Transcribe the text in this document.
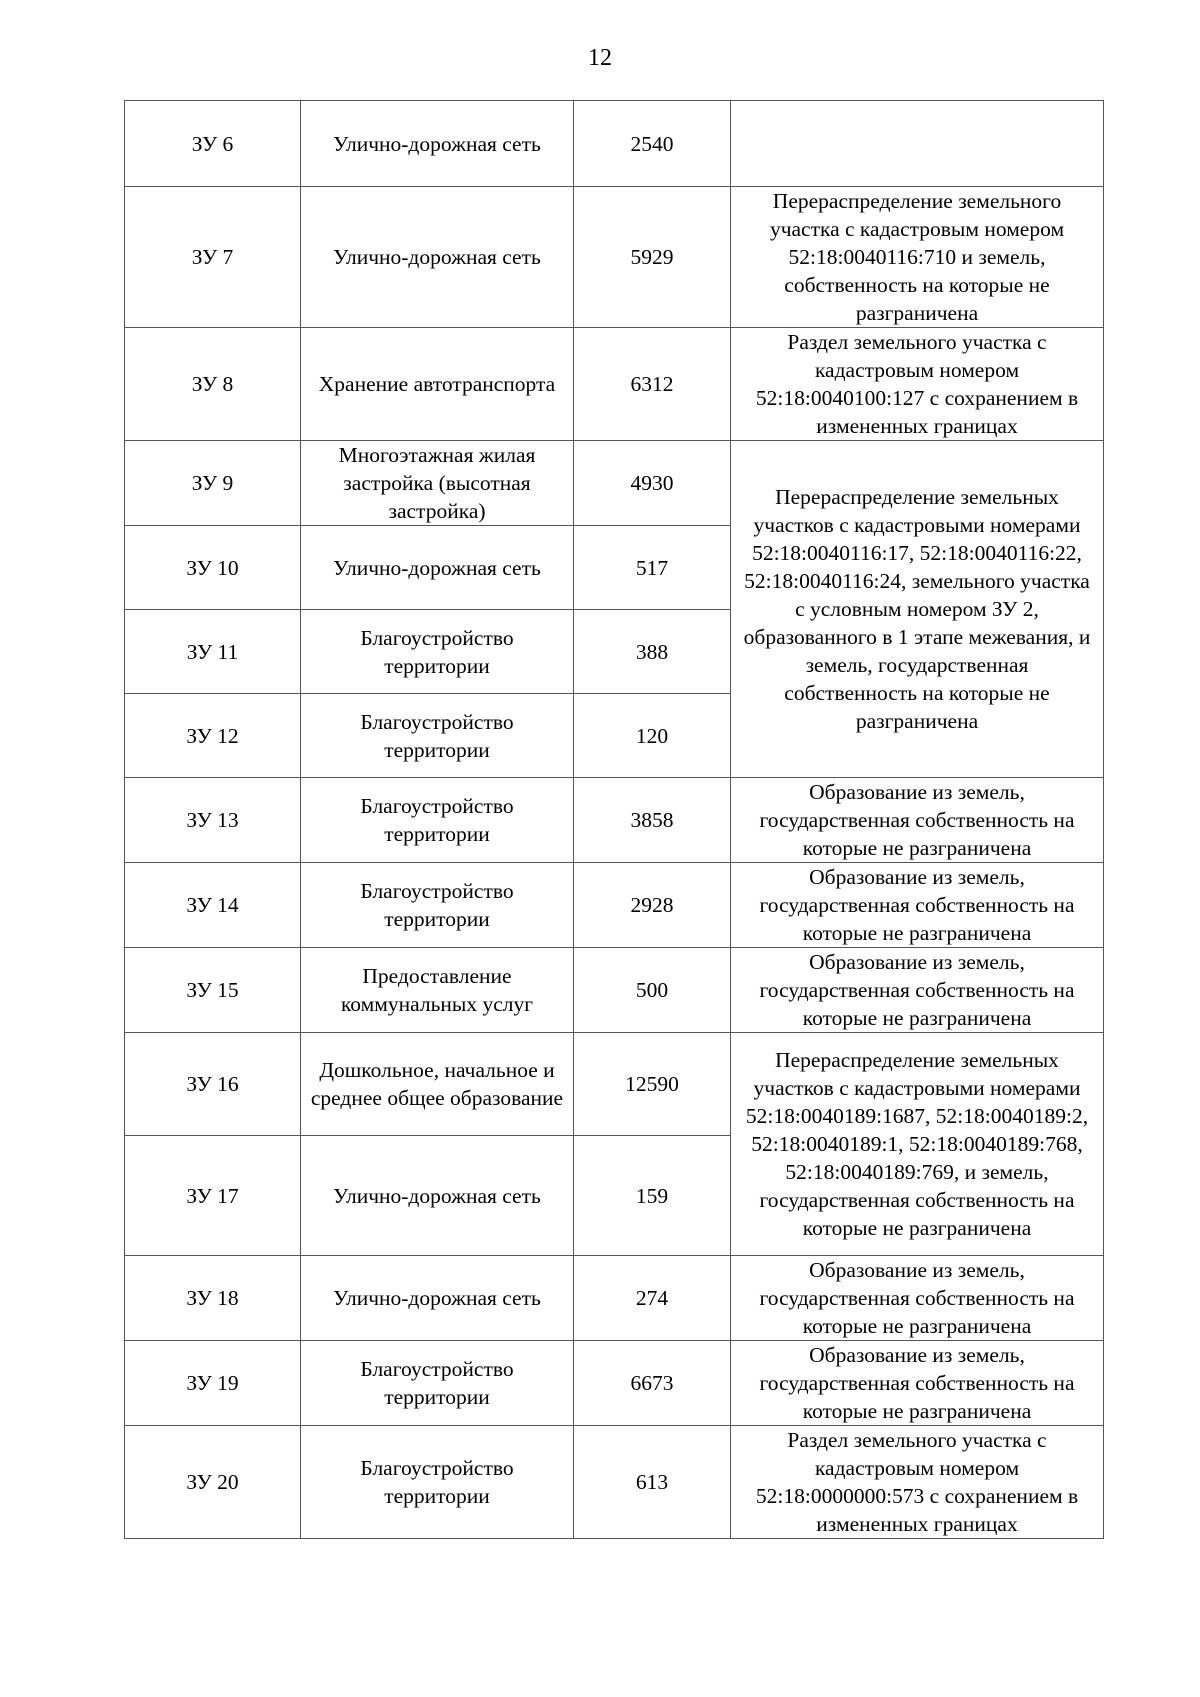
12
ЗУ 6	Улично-дорожная сеть	2540	
ЗУ 7	Улично-дорожная сеть	5929	Перераспределение земельного участка с кадастровым номером 52:18:0040116:710 и земель, собственность на которые не разграничена
ЗУ 8	Хранение автотранспорта	6312	Раздел земельного участка с кадастровым номером 52:18:0040100:127 с сохранением в измененных границах
ЗУ 9	Многоэтажная жилая застройка (высотная застройка)	4930	Перераспределение земельных участков с кадастровыми номерами 52:18:0040116:17, 52:18:0040116:22, 52:18:0040116:24, земельного участка с условным номером ЗУ 2, образованного в 1 этапе межевания, и земель, государственная собственность на которые не разграничена
ЗУ 10	Улично-дорожная сеть	517	
ЗУ 11	Благоустройство территории	388	
ЗУ 12	Благоустройство территории	120	
ЗУ 13	Благоустройство территории	3858	Образование из земель, государственная собственность на которые не разграничена
ЗУ 14	Благоустройство территории	2928	Образование из земель, государственная собственность на которые не разграничена
ЗУ 15	Предоставление коммунальных услуг	500	Образование из земель, государственная собственность на которые не разграничена
ЗУ 16	Дошкольное, начальное и среднее общее образование	12590	Перераспределение земельных участков с кадастровыми номерами 52:18:0040189:1687, 52:18:0040189:2, 52:18:0040189:1, 52:18:0040189:768, 52:18:0040189:769, и земель, государственная собственность на которые не разграничена
ЗУ 17	Улично-дорожная сеть	159	
ЗУ 18	Улично-дорожная сеть	274	Образование из земель, государственная собственность на которые не разграничена
ЗУ 19	Благоустройство территории	6673	Образование из земель, государственная собственность на которые не разграничена
ЗУ 20	Благоустройство территории	613	Раздел земельного участка с кадастровым номером 52:18:0000000:573 с сохранением в измененных границах
